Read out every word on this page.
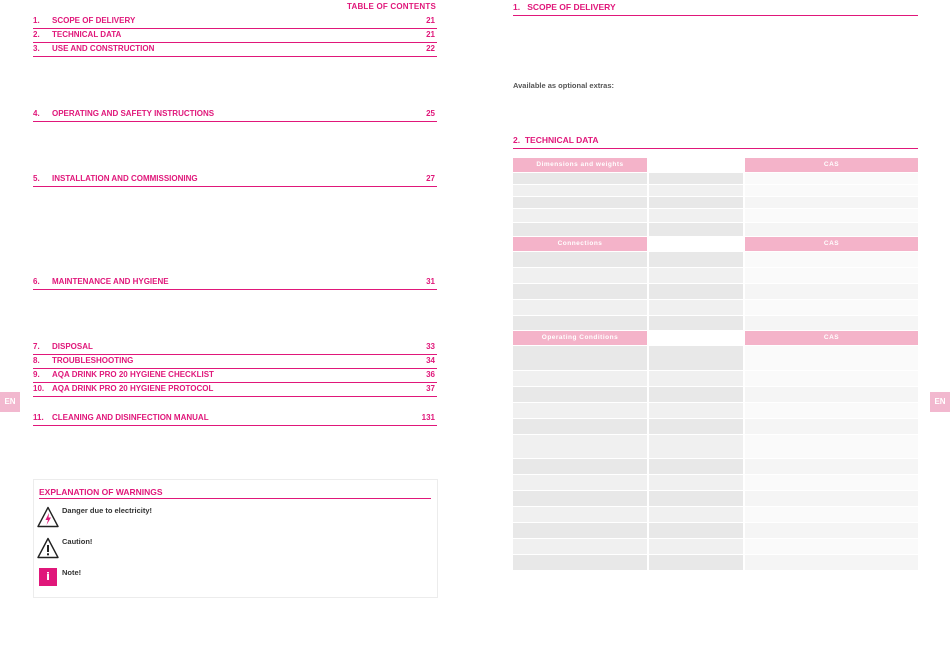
TABLE OF CONTENTS
1. SCOPE OF DELIVERY	21
2. TECHNICAL DATA	21
3. USE AND CONSTRUCTION	22
4. OPERATING AND SAFETY INSTRUCTIONS	25
5. INSTALLATION AND COMMISSIONING	27
6. MAINTENANCE AND HYGIENE	31
7. DISPOSAL	33
8. TROUBLESHOOTING	34
9. AQA DRINK PRO 20 HYGIENE CHECKLIST	36
10. AQA DRINK PRO 20 HYGIENE PROTOCOL	37
11. CLEANING AND DISINFECTION MANUAL	131
EN	EN
EXPLANATION OF WARNINGS
Danger due to electricity!
Caution!
i	Note!
1. SCOPE OF DELIVERY
Available as optional extras:
2. TECHNICAL DATA
Dimensions and weights	CAS
Connections	CAS
Operating Conditions	CAS
